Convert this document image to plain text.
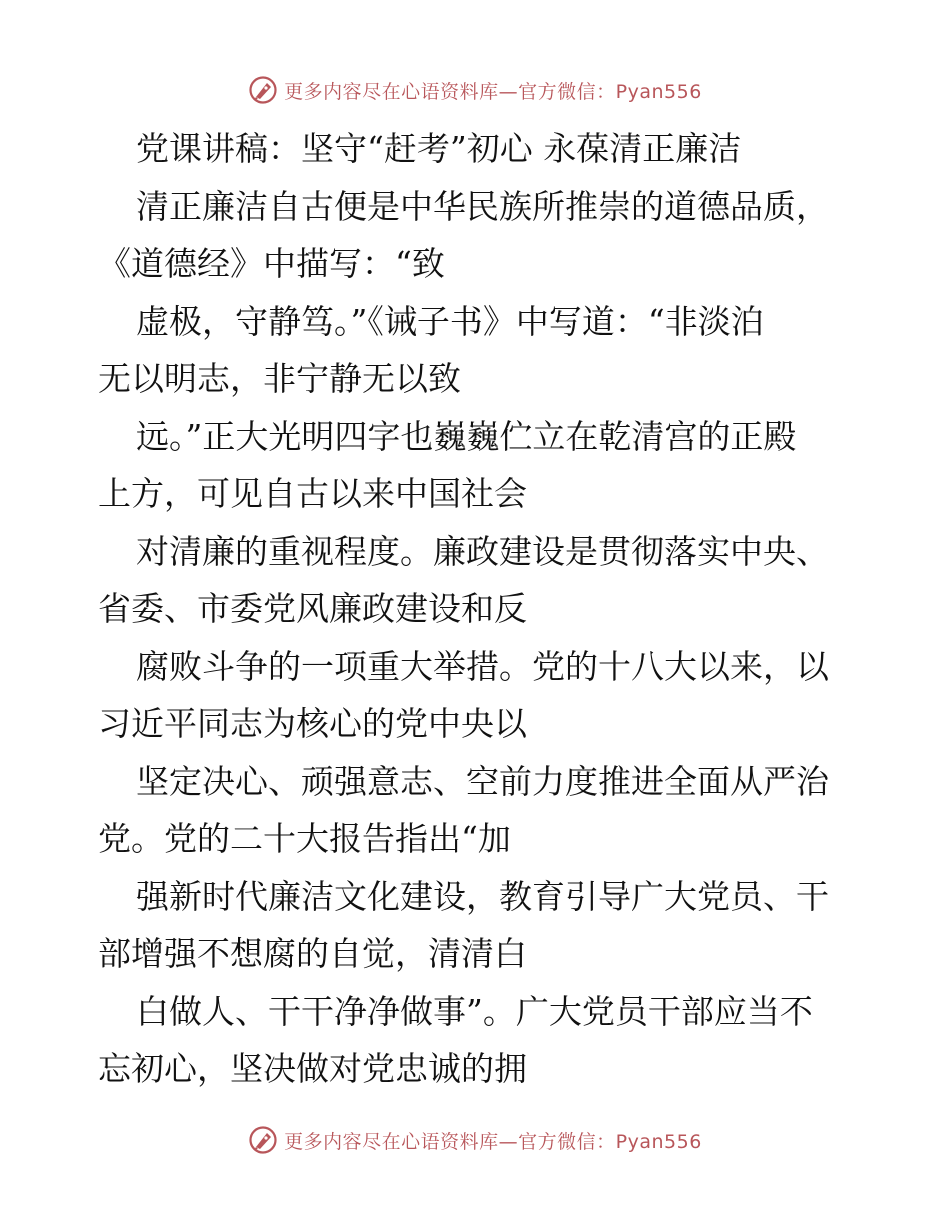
更多内容尽在心语资料库—官方微信：Pyan556
党课讲稿：坚守“赶考”初心 永葆清正廉洁
清正廉洁自古便是中华民族所推崇的道德品质，
《道德经》中描写：“致
虚极，守静笃。”《诫子书》中写道：“非淡泊
无以明志，非宁静无以致
远。”正大光明四字也巍巍伫立在乾清宫的正殿
上方，可见自古以来中国社会
对清廉的重视程度。廉政建设是贯彻落实中央、
省委、市委党风廉政建设和反
腐败斗争的一项重大举措。党的十八大以来，以
习近平同志为核心的党中央以
坚定决心、顽强意志、空前力度推进全面从严治
党。党的二十大报告指出“加
强新时代廉洁文化建设，教育引导广大党员、干
部增强不想腐的自觉，清清白
白做人、干干净净做事”。广大党员干部应当不
忘初心，坚决做对党忠诚的拥
更多内容尽在心语资料库—官方微信：Pyan556
